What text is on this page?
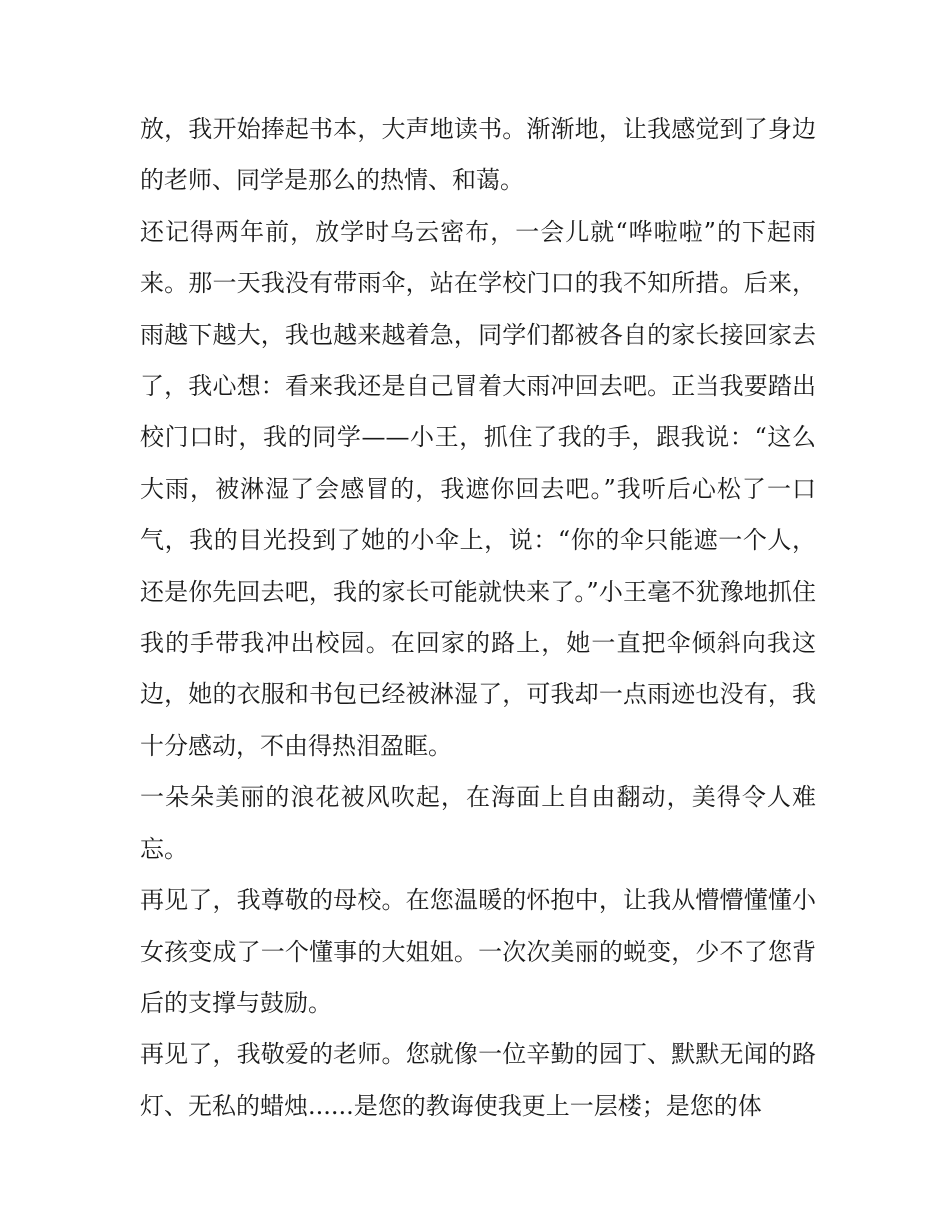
放，我开始捧起书本，大声地读书。渐渐地，让我感觉到了身边的老师、同学是那么的热情、和蔼。

还记得两年前，放学时乌云密布，一会儿就“哗啦啦”的下起雨来。那一天我没有带雨伞，站在学校门口的我不知所措。后来，雨越下越大，我也越来越着急，同学们都被各自的家长接回家去了，我心想：看来我还是自己冒着大雨冲回去吧。正当我要踏出校门口时，我的同学——小王，抓住了我的手，跟我说：“这么大雨，被淋湿了会感冒的，我遮你回去吧。”我听后心松了一口气，我的目光投到了她的小伞上，说：“你的伞只能遮一个人，还是你先回去吧，我的家长可能就快来了。”小王毫不犹豫地抓住我的手带我冲出校园。在回家的路上，她一直把伞倾斜向我这边，她的衣服和书包已经被淋湿了，可我却一点雨迹也没有，我十分感动，不由得热泪盈眶。

一朵朵美丽的浪花被风吹起，在海面上自由翻动，美得令人难忘。

再见了，我尊敬的母校。在您温暖的怀抱中，让我从懵懵懂懂小女孩变成了一个懂事的大姐姐。一次次美丽的蜕变，少不了您背后的支撑与鼓励。

再见了，我敬爱的老师。您就像一位辛勤的园丁、默默无闻的路灯、无私的蜡烛......是您的教诲使我更上一层楼；是您的体
